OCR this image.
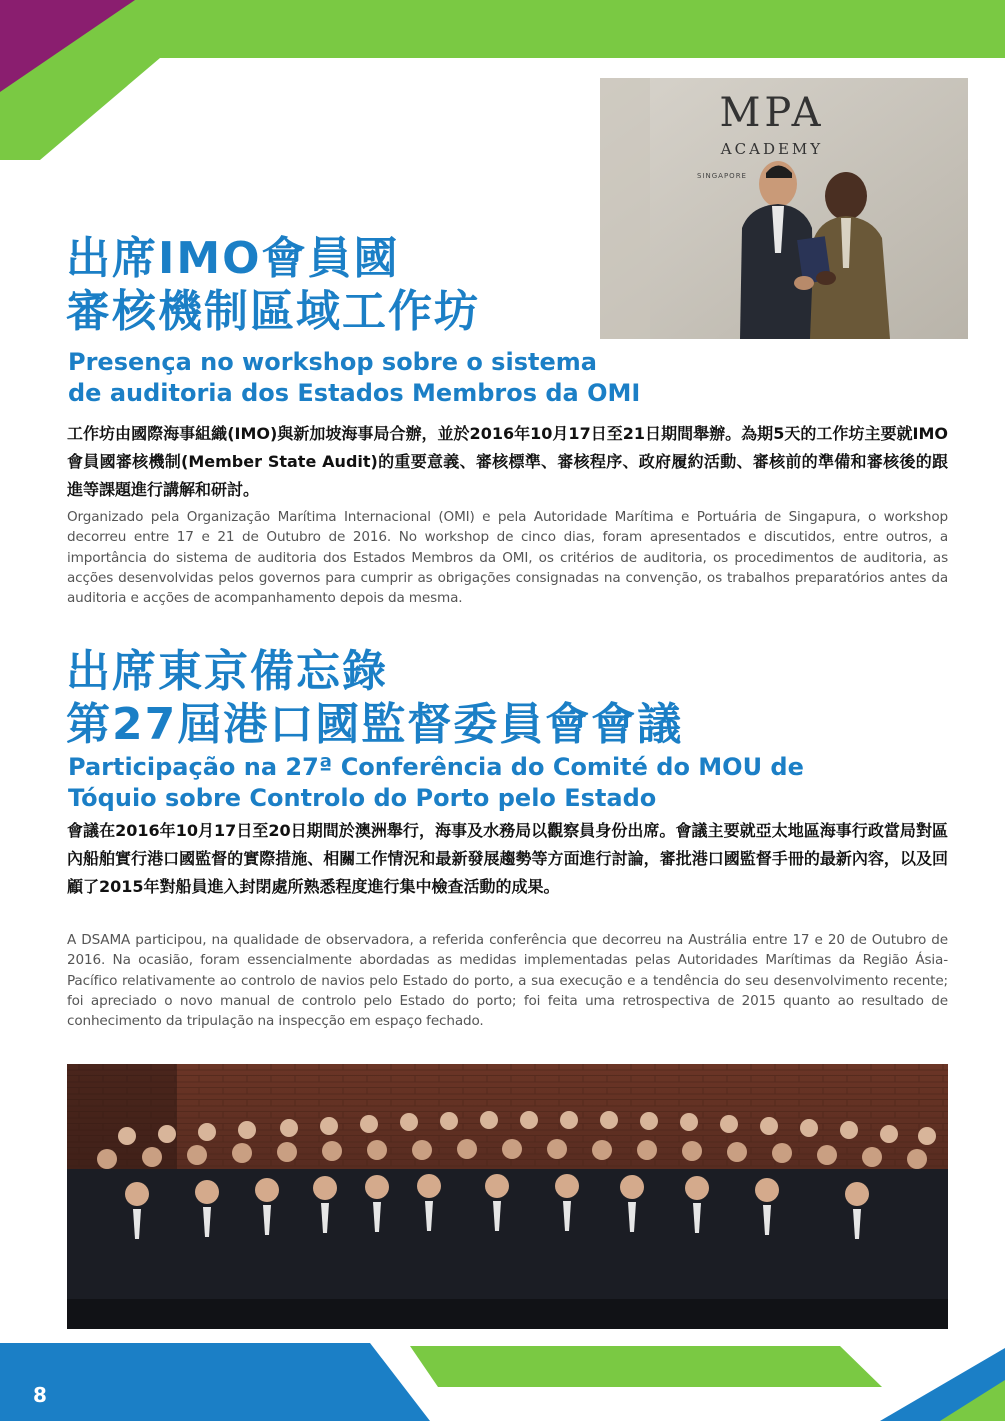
MPA
ACADEMY
SINGAPORE
出席IMO會員國
審核機制區域工作坊
Presença no workshop sobre o sistema
de auditoria dos Estados Membros da OMI

工作坊由國際海事組織(IMO)與新加坡海事局合辦，並於2016年10月17日至21日期間舉辦。為期5天的工作坊主要就IMO會員國審核機制(Member State Audit)的重要意義、審核標準、審核程序、政府履約活動、審核前的準備和審核後的跟進等課題進行講解和研討。

Organizado pela Organização Marítima Internacional (OMI) e pela Autoridade Marítima e Portuária de Singapura, o workshop decorreu entre 17 e 21 de Outubro de 2016. No workshop de cinco dias, foram apresentados e discutidos, entre outros, a importância do sistema de auditoria dos Estados Membros da OMI, os critérios de auditoria, os procedimentos de auditoria, as acções desenvolvidas pelos governos para cumprir as obrigações consignadas na convenção, os trabalhos preparatórios antes da auditoria e acções de acompanhamento depois da mesma.

出席東京備忘錄
第27屆港口國監督委員會會議
Participação na 27ª Conferência do Comité do MOU de
Tóquio sobre Controlo do Porto pelo Estado

會議在2016年10月17日至20日期間於澳洲舉行，海事及水務局以觀察員身份出席。會議主要就亞太地區海事行政當局對區內船舶實行港口國監督的實際措施、相關工作情況和最新發展趨勢等方面進行討論，審批港口國監督手冊的最新內容，以及回顧了2015年對船員進入封閉處所熟悉程度進行集中檢查活動的成果。

A DSAMA participou, na qualidade de observadora, a referida conferência que decorreu na Austrália entre 17 e 20 de Outubro de 2016. Na ocasião, foram essencialmente abordadas as medidas implementadas pelas Autoridades Marítimas da Região Ásia-Pacífico relativamente ao controlo de navios pelo Estado do porto, a sua execução e a tendência do seu desenvolvimento recente; foi apreciado o novo manual de controlo pelo Estado do porto; foi feita uma retrospectiva de 2015 quanto ao resultado de conhecimento da tripulação na inspecção em espaço fechado.

8
